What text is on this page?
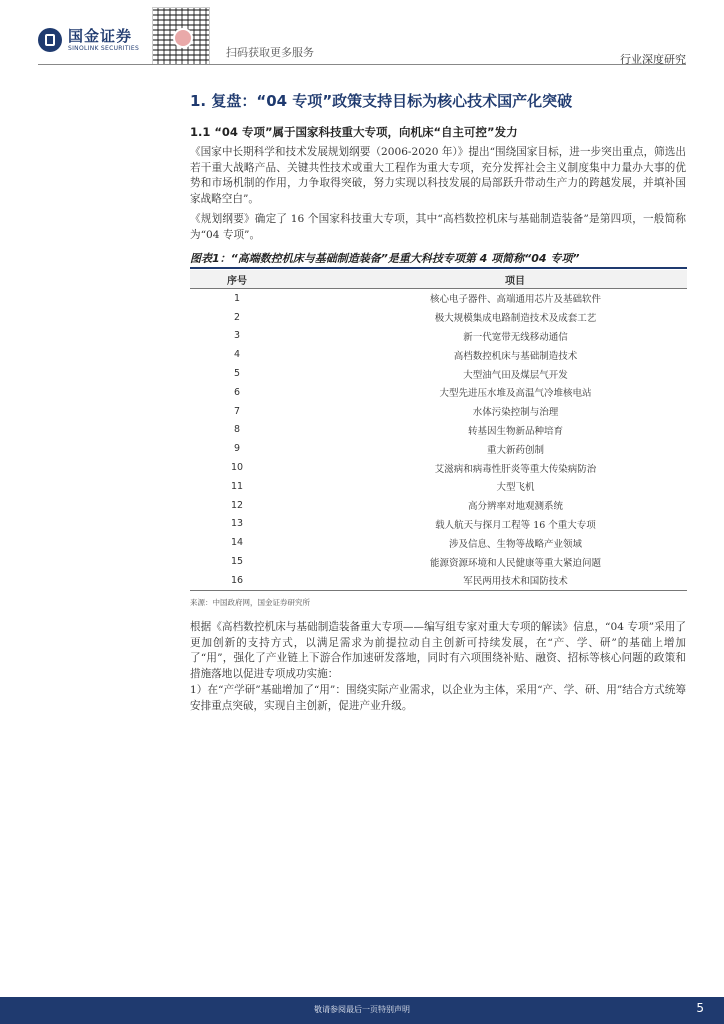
国金证券
SINOLINK SECURITIES	扫码获取更多服务
行业深度研究
1. 复盘：“04 专项”政策支持目标为核心技术国产化突破
1.1 “04 专项”属于国家科技重大专项，向机床“自主可控”发力
《国家中长期科学和技术发展规划纲要（2006-2020 年）》提出“围绕国家目标，进一步突出重点，筛选出若干重大战略产品、关键共性技术或重大工程作为重大专项，充分发挥社会主义制度集中力量办大事的优势和市场机制的作用，力争取得突破，努力实现以科技发展的局部跃升带动生产力的跨越发展，并填补国家战略空白”。
《规划纲要》确定了 16 个国家科技重大专项，其中“高档数控机床与基础制造装备”是第四项，一般简称为“04 专项”。
图表1：“高端数控机床与基础制造装备”是重大科技专项第 4 项简称“04 专项”
序号	项目
1	核心电子器件、高端通用芯片及基础软件
2	极大规模集成电路制造技术及成套工艺
3	新一代宽带无线移动通信
4	高档数控机床与基础制造技术
5	大型油气田及煤层气开发
6	大型先进压水堆及高温气冷堆核电站
7	水体污染控制与治理
8	转基因生物新品种培育
9	重大新药创制
10	艾滋病和病毒性肝炎等重大传染病防治
11	大型飞机
12	高分辨率对地观测系统
13	载人航天与探月工程等 16 个重大专项
14	涉及信息、生物等战略产业领域
15	能源资源环境和人民健康等重大紧迫问题
16	军民两用技术和国防技术
来源：中国政府网，国金证券研究所
根据《高档数控机床与基础制造装备重大专项——编写组专家对重大专项的解读》信息，“04 专项”采用了更加创新的支持方式，以满足需求为前提拉动自主创新可持续发展，在“产、学、研”的基础上增加了“用”，强化了产业链上下游合作加速研发落地，同时有六项围绕补贴、融资、招标等核心问题的政策和措施落地以促进专项成功实施：
1）在“产学研”基础增加了“用”：围绕实际产业需求，以企业为主体，采用“产、学、研、用”结合方式统筹安排重点突破，实现自主创新，促进产业升级。
敬请参阅最后一页特别声明	5
